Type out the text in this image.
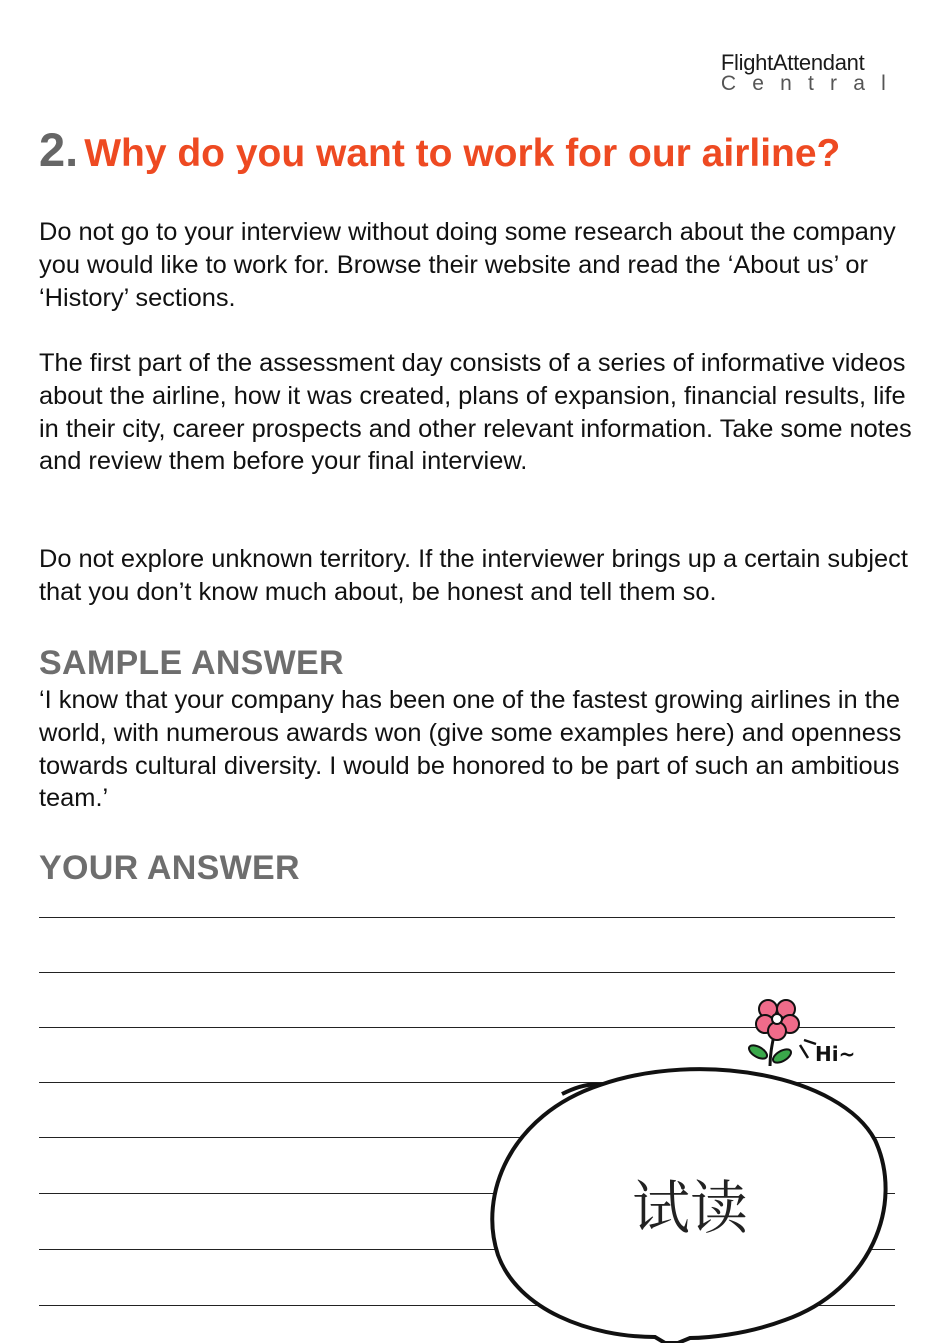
FlightAttendant
Central
2. Why do you want to work for our airline?

Do not go to your interview without doing some research about the company you would like to work for. Browse their website and read the ‘About us’ or ‘History’ sections.

The first part of the assessment day consists of a series of informative videos about the airline, how it was created, plans of expansion, financial results, life in their city, career prospects and other relevant information. Take some notes and review them before your final interview.

Do not explore unknown territory. If the interviewer brings up a certain subject that you don’t know much about, be honest and tell them so.

SAMPLE ANSWER

‘I know that your company has been one of the fastest growing airlines in the world, with numerous awards won (give some examples here) and openness towards cultural diversity. I would be honored to be part of such an ambitious team.’

YOUR ANSWER
试读
Hi~
